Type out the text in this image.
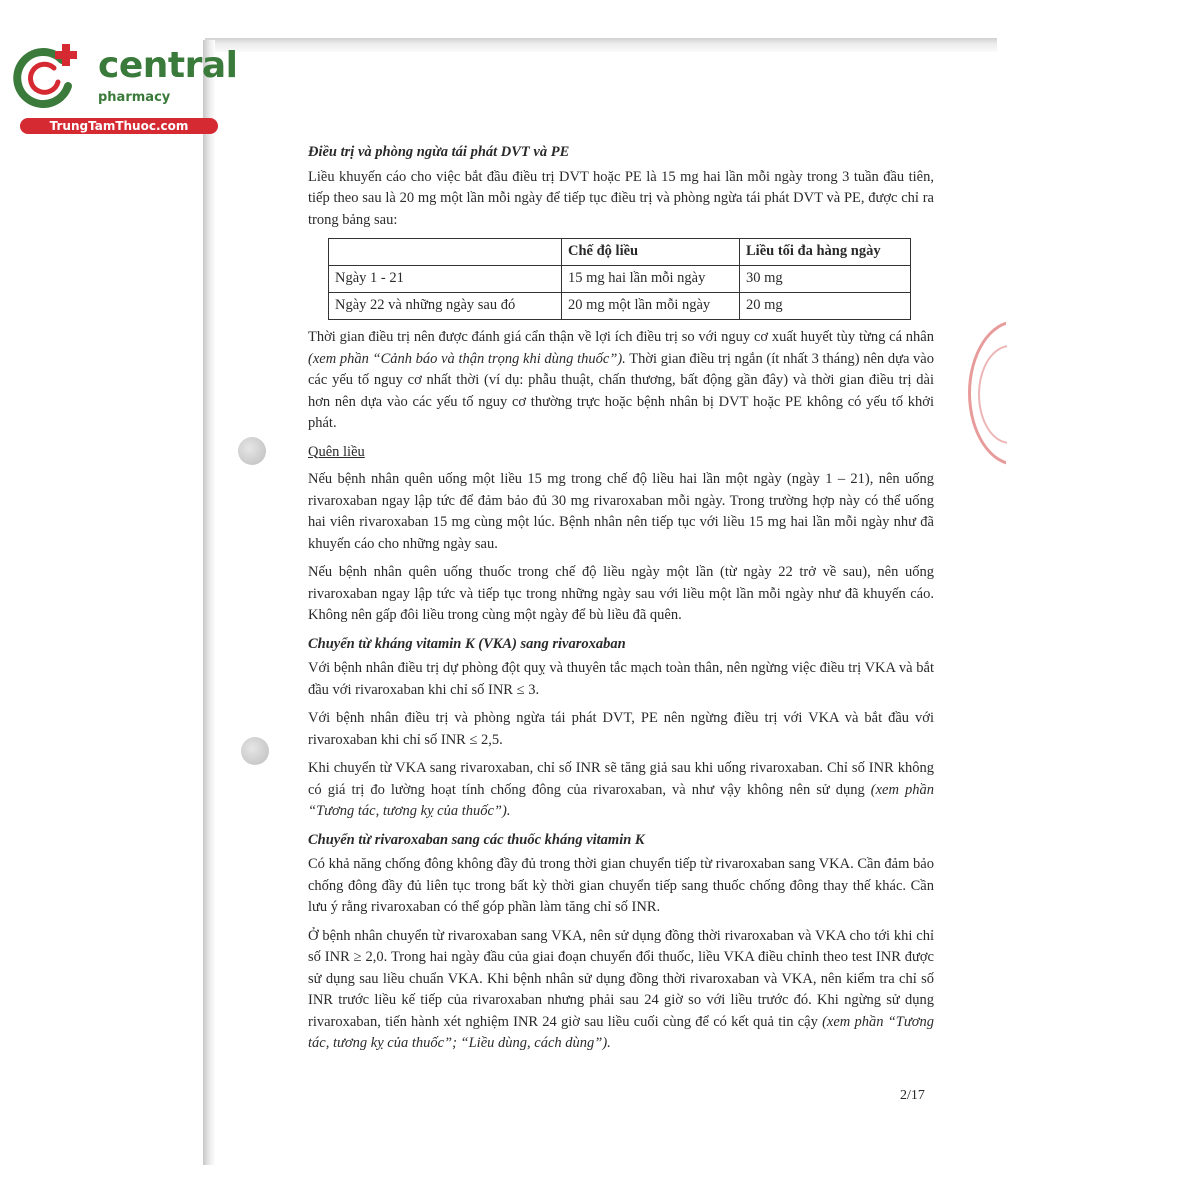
central
pharmacy
TrungTamThuoc.com

Điều trị và phòng ngừa tái phát DVT và PE

Liều khuyến cáo cho việc bắt đầu điều trị DVT hoặc PE là 15 mg hai lần mỗi ngày trong 3 tuần đầu tiên, tiếp theo sau là 20 mg một lần mỗi ngày để tiếp tục điều trị và phòng ngừa tái phát DVT và PE, được chỉ ra trong bảng sau:

	Chế độ liều	Liều tối đa hàng ngày
Ngày 1 - 21	15 mg hai lần mỗi ngày	30 mg
Ngày 22 và những ngày sau đó	20 mg một lần mỗi ngày	20 mg

Thời gian điều trị nên được đánh giá cẩn thận về lợi ích điều trị so với nguy cơ xuất huyết tùy từng cá nhân (xem phần “Cảnh báo và thận trọng khi dùng thuốc”). Thời gian điều trị ngắn (ít nhất 3 tháng) nên dựa vào các yếu tố nguy cơ nhất thời (ví dụ: phẫu thuật, chấn thương, bất động gần đây) và thời gian điều trị dài hơn nên dựa vào các yếu tố nguy cơ thường trực hoặc bệnh nhân bị DVT hoặc PE không có yếu tố khởi phát.

Quên liều

Nếu bệnh nhân quên uống một liều 15 mg trong chế độ liều hai lần một ngày (ngày 1 – 21), nên uống rivaroxaban ngay lập tức để đảm bảo đủ 30 mg rivaroxaban mỗi ngày. Trong trường hợp này có thể uống hai viên rivaroxaban 15 mg cùng một lúc. Bệnh nhân nên tiếp tục với liều 15 mg hai lần mỗi ngày như đã khuyến cáo cho những ngày sau.

Nếu bệnh nhân quên uống thuốc trong chế độ liều ngày một lần (từ ngày 22 trở về sau), nên uống rivaroxaban ngay lập tức và tiếp tục trong những ngày sau với liều một lần mỗi ngày như đã khuyến cáo. Không nên gấp đôi liều trong cùng một ngày để bù liều đã quên.

Chuyển từ kháng vitamin K (VKA) sang rivaroxaban

Với bệnh nhân điều trị dự phòng đột quỵ và thuyên tắc mạch toàn thân, nên ngừng việc điều trị VKA và bắt đầu với rivaroxaban khi chỉ số INR ≤ 3.

Với bệnh nhân điều trị và phòng ngừa tái phát DVT, PE nên ngừng điều trị với VKA và bắt đầu với rivaroxaban khi chỉ số INR ≤ 2,5.

Khi chuyển từ VKA sang rivaroxaban, chỉ số INR sẽ tăng giả sau khi uống rivaroxaban. Chỉ số INR không có giá trị đo lường hoạt tính chống đông của rivaroxaban, và như vậy không nên sử dụng (xem phần “Tương tác, tương kỵ của thuốc”).

Chuyển từ rivaroxaban sang các thuốc kháng vitamin K

Có khả năng chống đông không đầy đủ trong thời gian chuyển tiếp từ rivaroxaban sang VKA. Cần đảm bảo chống đông đầy đủ liên tục trong bất kỳ thời gian chuyển tiếp sang thuốc chống đông thay thế khác. Cần lưu ý rằng rivaroxaban có thể góp phần làm tăng chỉ số INR.

Ở bệnh nhân chuyển từ rivaroxaban sang VKA, nên sử dụng đồng thời rivaroxaban và VKA cho tới khi chỉ số INR ≥ 2,0. Trong hai ngày đầu của giai đoạn chuyển đổi thuốc, liều VKA điều chỉnh theo test INR được sử dụng sau liều chuẩn VKA. Khi bệnh nhân sử dụng đồng thời rivaroxaban và VKA, nên kiểm tra chỉ số INR trước liều kế tiếp của rivaroxaban nhưng phải sau 24 giờ so với liều trước đó. Khi ngừng sử dụng rivaroxaban, tiến hành xét nghiệm INR 24 giờ sau liều cuối cùng để có kết quả tin cậy (xem phần “Tương tác, tương kỵ của thuốc”; “Liều dùng, cách dùng”).

2/17
